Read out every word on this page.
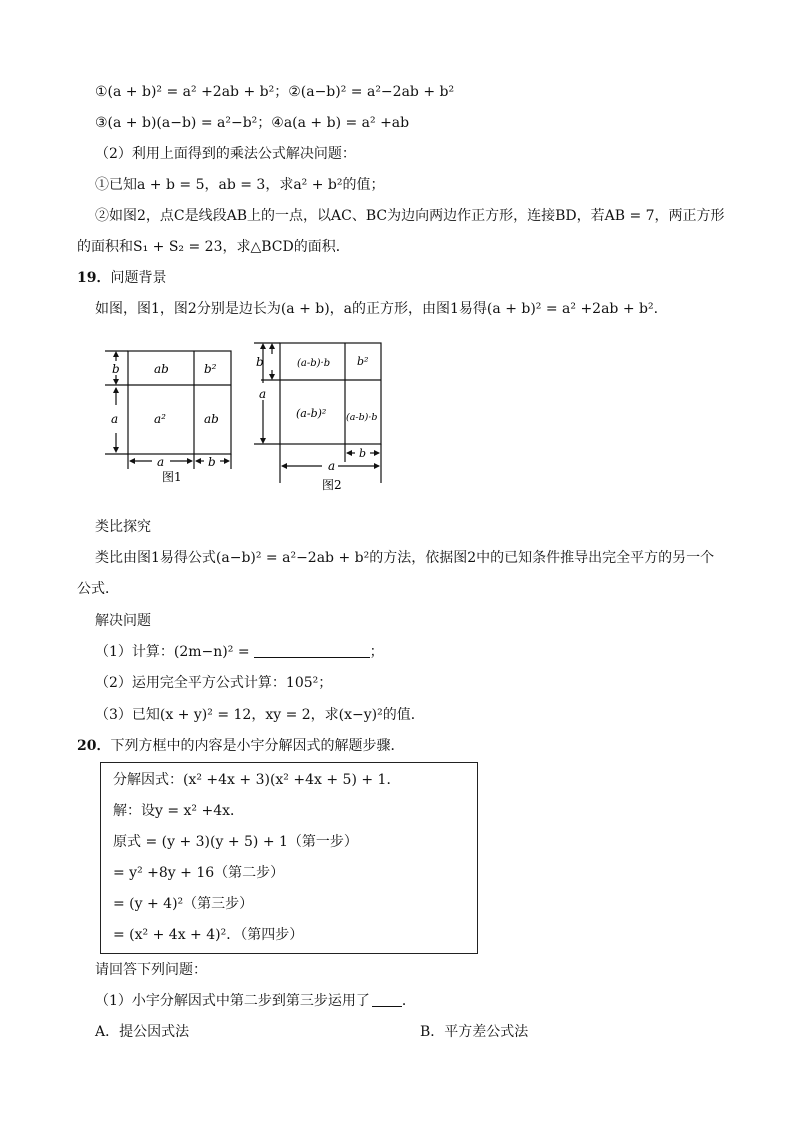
①(a + b)² = a² +2ab + b²；②(a−b)² = a²−2ab + b²
③(a + b)(a−b) = a²−b²；④a(a + b) = a² +ab
（2）利用上面得到的乘法公式解决问题：
①已知a + b = 5，ab = 3，求a² + b²的值；
②如图2，点C是线段AB上的一点，以AC、BC为边向两边作正方形，连接BD，若AB = 7，两正方形
的面积和S₁ + S₂ = 23，求△BCD的面积．
19．问题背景
如图，图1，图2分别是边长为(a + b)，a的正方形，由图1易得(a + b)² = a² +2ab + b².
ab	b²
a²	ab
b
a
a	b
图1
(a-b)·b b²
(a-b)² (a-b)·b
b
a
a
b
图2
类比探究
类比由图1易得公式(a−b)² = a²−2ab + b²的方法，依据图2中的已知条件推导出完全平方的另一个
公式．
解决问题
（1）计算：(2m−n)² =	；
（2）运用完全平方公式计算：105²；
（3）已知(x + y)² = 12，xy = 2，求(x−y)²的值．
20．下列方框中的内容是小宇分解因式的解题步骤．
分解因式：(x² +4x + 3)(x² +4x + 5) + 1．
解：设y = x² +4x．
原式 = (y + 3)(y + 5) + 1（第一步）
= y² +8y + 16（第二步）
= (y + 4)²（第三步）
= (x² + 4x + 4)²．（第四步）
请回答下列问题：
（1）小宇分解因式中第二步到第三步运用了 ．
A．提公因式法	B．平方差公式法
